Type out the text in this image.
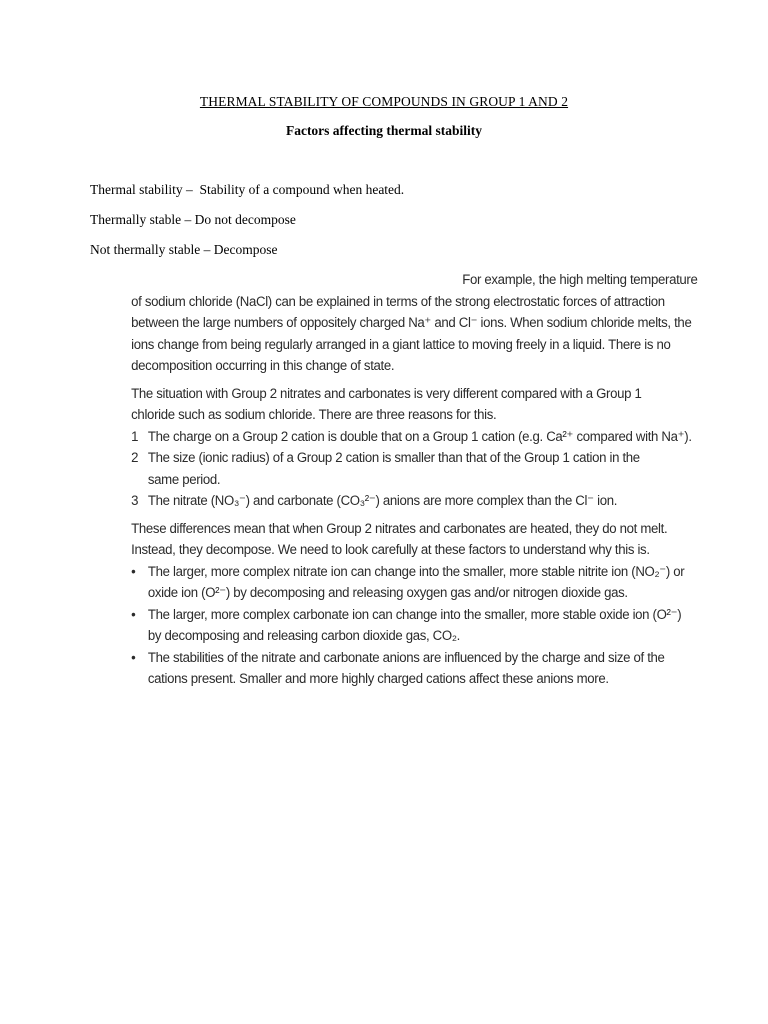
THERMAL STABILITY OF COMPOUNDS IN GROUP 1 AND 2
Factors affecting thermal stability
Thermal stability –  Stability of a compound when heated.
Thermally stable – Do not decompose
Not thermally stable – Decompose

For example, the high melting temperature

of sodium chloride (NaCl) can be explained in terms of the strong electrostatic forces of attraction

between the large numbers of oppositely charged Na⁺ and Cl⁻ ions. When sodium chloride melts, the

ions change from being regularly arranged in a giant lattice to moving freely in a liquid. There is no

decomposition occurring in this change of state.

The situation with Group 2 nitrates and carbonates is very different compared with a Group 1

chloride such as sodium chloride. There are three reasons for this.

1 The charge on a Group 2 cation is double that on a Group 1 cation (e.g. Ca²⁺ compared with Na⁺).

2 The size (ionic radius) of a Group 2 cation is smaller than that of the Group 1 cation in the

same period.

3 The nitrate (NO₃⁻) and carbonate (CO₃²⁻) anions are more complex than the Cl⁻ ion.

These differences mean that when Group 2 nitrates and carbonates are heated, they do not melt.

Instead, they decompose. We need to look carefully at these factors to understand why this is.

• The larger, more complex nitrate ion can change into the smaller, more stable nitrite ion (NO₂⁻) or

oxide ion (O²⁻) by decomposing and releasing oxygen gas and/or nitrogen dioxide gas.

• The larger, more complex carbonate ion can change into the smaller, more stable oxide ion (O²⁻)

by decomposing and releasing carbon dioxide gas, CO₂.

• The stabilities of the nitrate and carbonate anions are influenced by the charge and size of the

cations present. Smaller and more highly charged cations affect these anions more.
